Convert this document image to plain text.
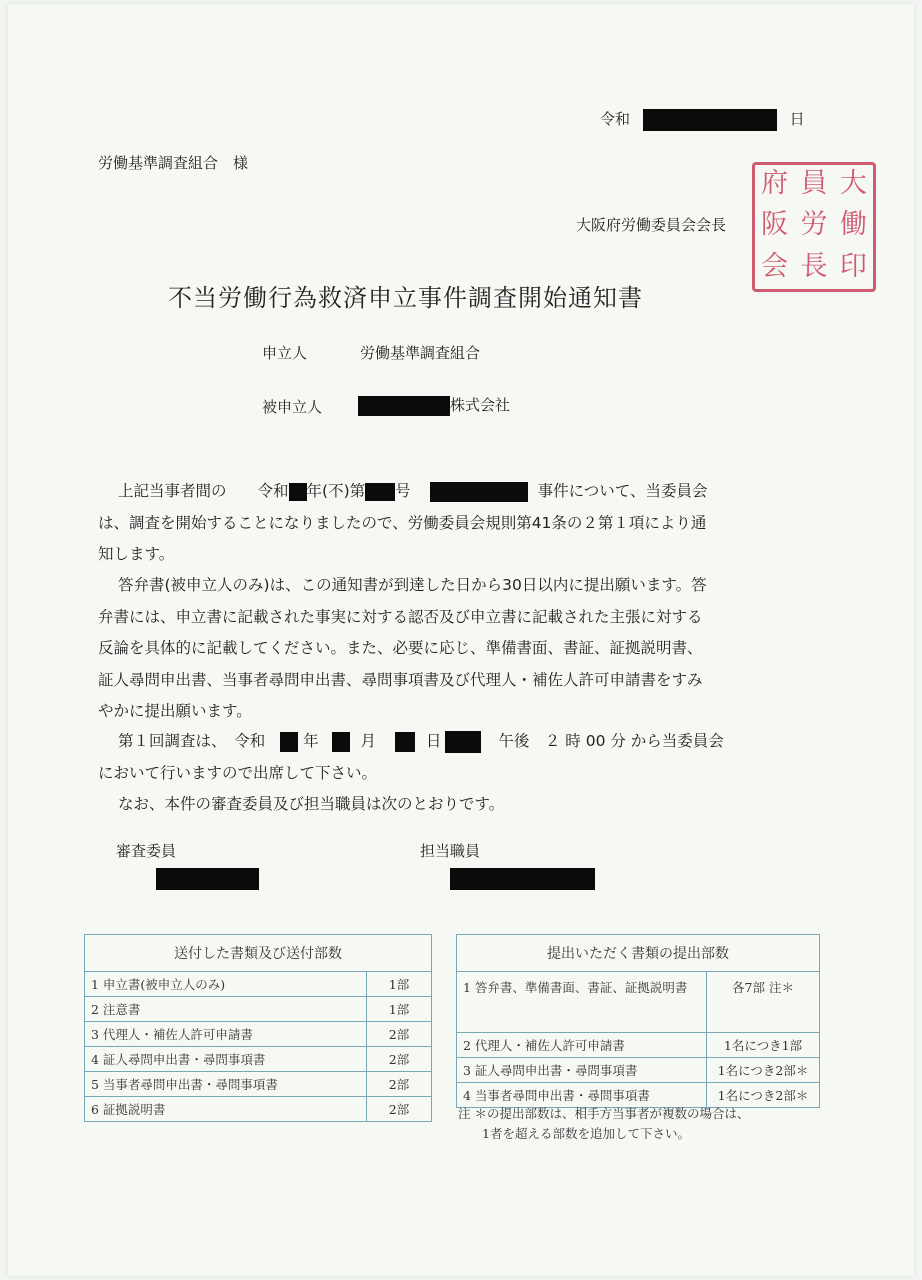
令和	日
労働基準調査組合　様
大阪府労働委員会会長
府 員 大
阪 労 働
会 長 印
不当労働行為救済申立事件調査開始通知書
申立人	労働基準調査組合
被申立人	株式会社
上記当事者間の　　令和 年(不)第 号	事件について、当委員会
は、調査を開始することになりましたので、労働委員会規則第41条の２第１項により通
知します。
答弁書(被申立人のみ)は、この通知書が到達した日から30日以内に提出願います。答
弁書には、申立書に記載された事実に対する認否及び申立書に記載された主張に対する
反論を具体的に記載してください。また、必要に応じ、準備書面、書証、証拠説明書、
証人尋問申出書、当事者尋問申出書、尋問事項書及び代理人・補佐人許可申請書をすみ
やかに提出願います。
第１回調査は、　令和 年	月	日	午後　２ 時 00 分 から当委員会
において行いますので出席して下さい。
なお、本件の審査委員及び担当職員は次のとおりです。
審査委員	担当職員
送付した書類及び送付部数	
1 申立書(被申立人のみ)	1部
2 注意書	1部
3 代理人・補佐人許可申請書	2部
4 証人尋問申出書・尋問事項書	2部
5 当事者尋問申出書・尋問事項書	2部
6 証拠説明書	2部
提出いただく書類の提出部数	
1 答弁書、準備書面、書証、証拠説明書	各7部 注＊
2 代理人・補佐人許可申請書	1名につき1部
3 証人尋問申出書・尋問事項書	1名につき2部＊
4 当事者尋問申出書・尋問事項書	1名につき2部＊
注 ＊の提出部数は、相手方当事者が複数の場合は、
1者を超える部数を追加して下さい。
